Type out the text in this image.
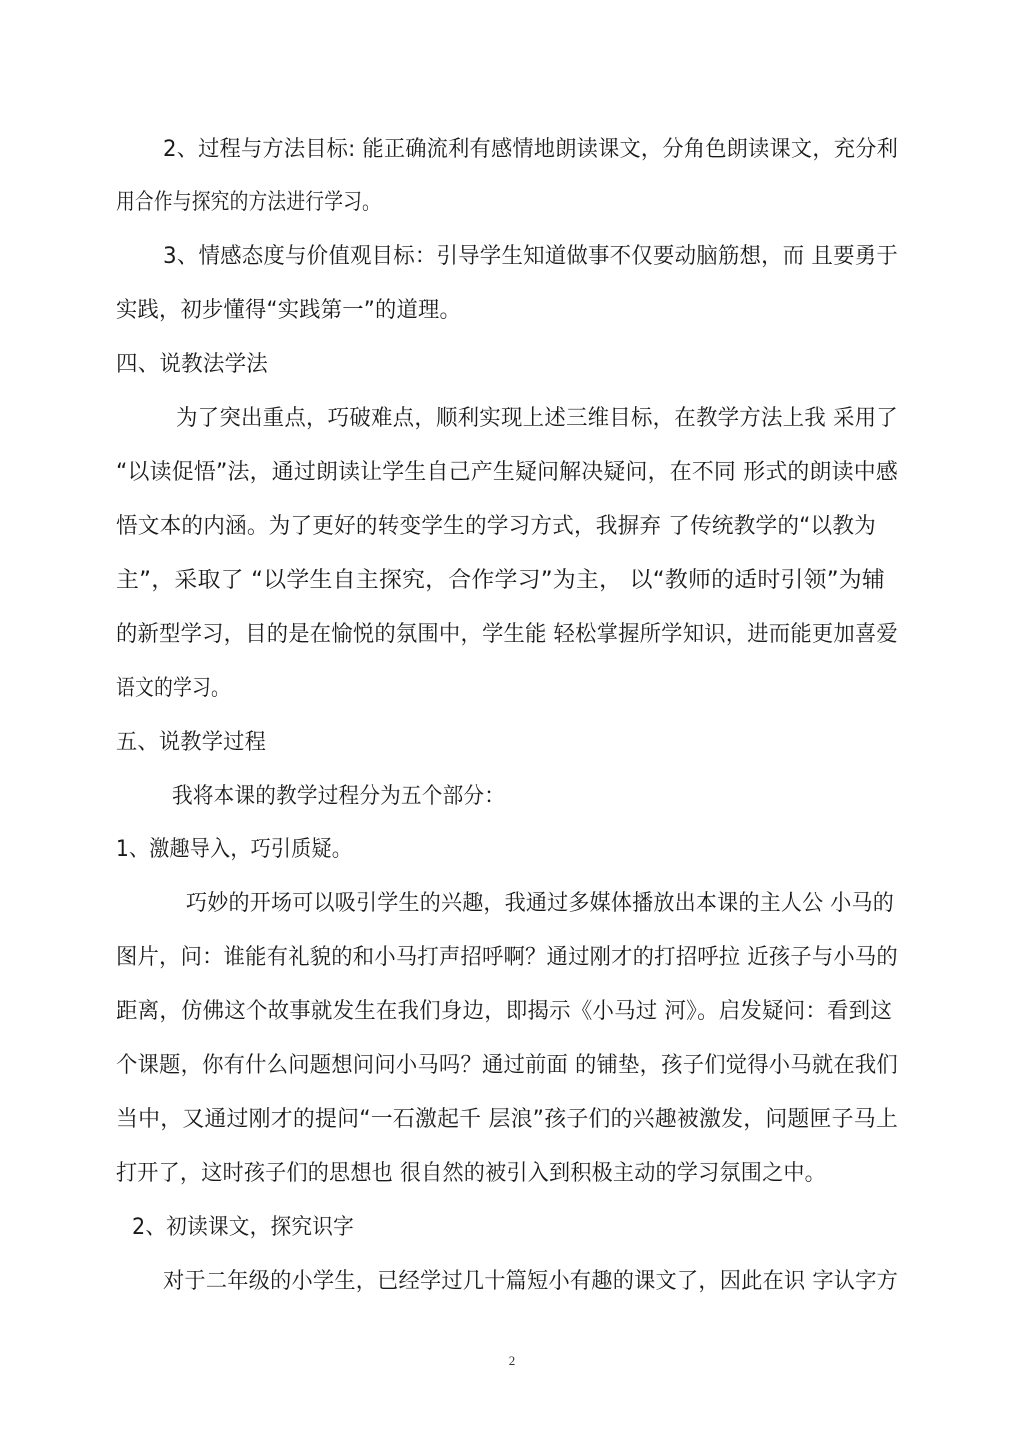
2、过程与方法目标: 能正确流利有感情地朗读课文，分角色朗读课文，充分利
用合作与探究的方法进行学习。
3、情感态度与价值观目标：引导学生知道做事不仅要动脑筋想，而 且要勇于
实践，初步懂得“实践第一”的道理。
四、说教法学法
为了突出重点，巧破难点，顺利实现上述三维目标，在教学方法上我 采用了
“以读促悟”法，通过朗读让学生自己产生疑问解决疑问，在不同 形式的朗读中感
悟文本的内涵。为了更好的转变学生的学习方式，我摒弃 了传统教学的“以教为
主”，采取了 “以学生自主探究，合作学习”为主， 以“教师的适时引领”为辅
的新型学习，目的是在愉悦的氛围中，学生能 轻松掌握所学知识，进而能更加喜爱
语文的学习。
五、说教学过程
我将本课的教学过程分为五个部分：
1、激趣导入，巧引质疑。
巧妙的开场可以吸引学生的兴趣，我通过多媒体播放出本课的主人公 小马的
图片，问：谁能有礼貌的和小马打声招呼啊？通过刚才的打招呼拉 近孩子与小马的
距离，仿佛这个故事就发生在我们身边，即揭示《小马过 河》。启发疑问：看到这
个课题，你有什么问题想问问小马吗？通过前面 的铺垫，孩子们觉得小马就在我们
当中，又通过刚才的提问“一石激起千 层浪”孩子们的兴趣被激发，问题匣子马上
打开了，这时孩子们的思想也 很自然的被引入到积极主动的学习氛围之中。
2、初读课文，探究识字
对于二年级的小学生，已经学过几十篇短小有趣的课文了，因此在识 字认字方
2
